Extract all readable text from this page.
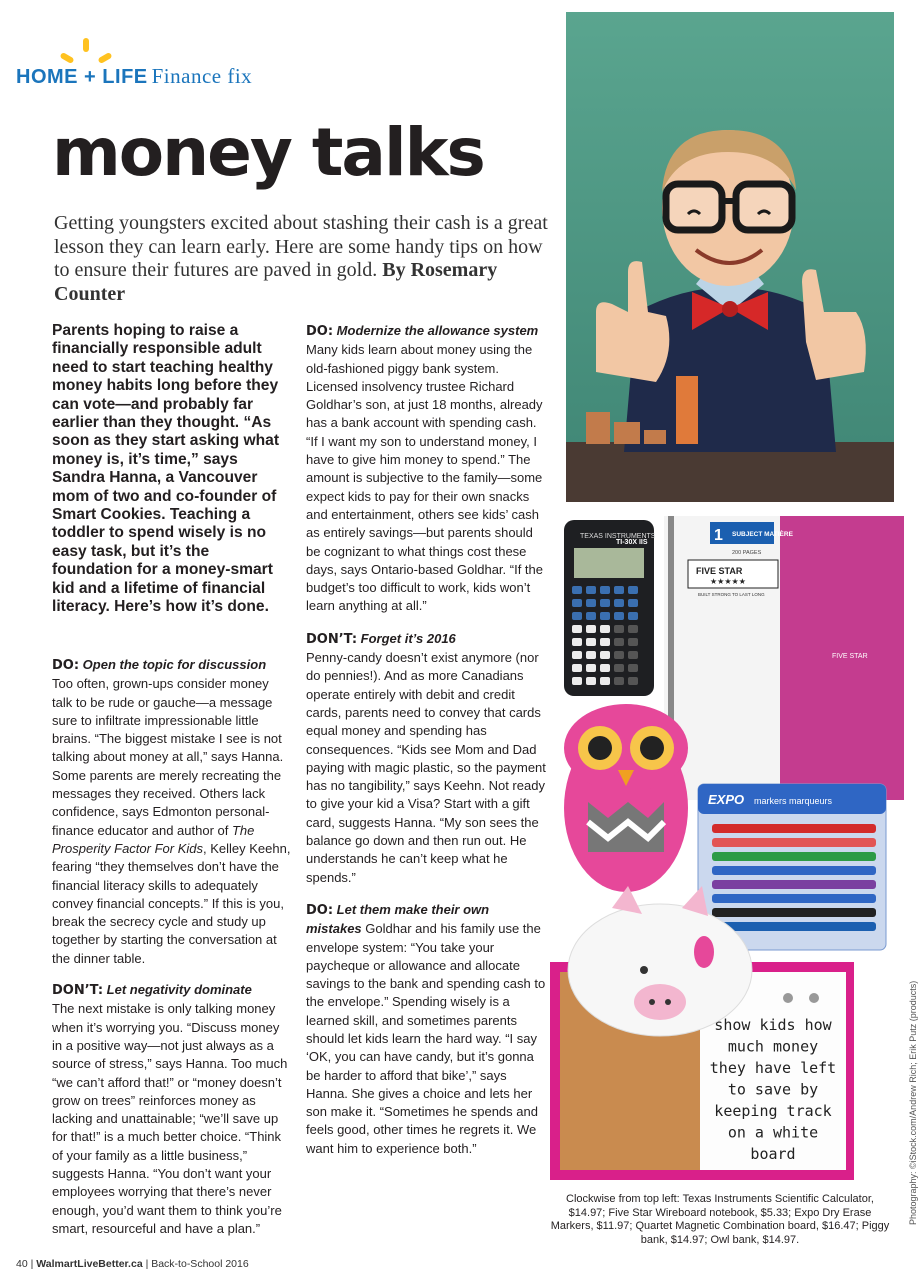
HOME + LIFE Finance fix
money talks
Getting youngsters excited about stashing their cash is a great lesson they can learn early. Here are some handy tips on how to ensure their futures are paved in gold. By Rosemary Counter
Parents hoping to raise a financially responsible adult need to start teaching healthy money habits long before they can vote—and probably far earlier than they thought. “As soon as they start asking what money is, it’s time,” says Sandra Hanna, a Vancouver mom of two and co-founder of Smart Cookies. Teaching a toddler to spend wisely is no easy task, but it’s the foundation for a money-smart kid and a lifetime of financial literacy. Here’s how it’s done.

DO: Open the topic for discussion
Too often, grown-ups consider money talk to be rude or gauche—a message sure to infiltrate impressionable little brains. “The biggest mistake I see is not talking about money at all,” says Hanna. Some parents are merely recreating the messages they received. Others lack confidence, says Edmonton personal-finance educator and author of The Prosperity Factor For Kids, Kelley Keehn, fearing “they themselves don’t have the financial literacy skills to adequately convey financial concepts.” If this is you, break the secrecy cycle and study up together by starting the conversation at the dinner table.

DON’T: Let negativity dominate
The next mistake is only talking money when it’s worrying you. “Discuss money in a positive way—not just always as a source of stress,” says Hanna. Too much “we can’t afford that!” or “money doesn’t grow on trees” reinforces money as lacking and unattainable; “we’ll save up for that!” is a much better choice. “Think of your family as a little business,” suggests Hanna. “You don’t want your employees worrying that there’s never enough, you’d want them to think you’re smart, resourceful and have a plan.”

DO: Modernize the allowance system Many kids learn about money using the old-fashioned piggy bank system. Licensed insolvency trustee Richard Goldhar’s son, at just 18 months, already has a bank account with spending cash. “If I want my son to understand money, I have to give him money to spend.” The amount is subjective to the family—some expect kids to pay for their own snacks and entertainment, others see kids’ cash as entirely savings—but parents should be cognizant to what things cost these days, says Ontario-based Goldhar. “If the budget’s too difficult to work, kids won’t learn anything at all.”

DON’T: Forget it’s 2016
Penny-candy doesn’t exist anymore (nor do pennies!). And as more Canadians operate entirely with debit and credit cards, parents need to convey that cards equal money and spending has consequences. “Kids see Mom and Dad paying with magic plastic, so the payment has no tangibility,” says Keehn. Not ready to give your kid a Visa? Start with a gift card, suggests Hanna. “My son sees the balance go down and then run out. He understands he can’t keep what he spends.”

DO: Let them make their own mistakes Goldhar and his family use the envelope system: “You take your paycheque or allowance and allocate savings to the bank and spending cash to the envelope.” Spending wisely is a learned skill, and sometimes parents should let kids learn the hard way. “I say ‘OK, you can have candy, but it’s gonna be harder to afford that bike’,” says Hanna. She gives a choice and lets her son make it. “Sometimes he spends and feels good, other times he regrets it. We want him to experience both.”

TEXAS INSTRUMENTS
TI-30X IIS	1 SUBJECT MATIÈRE
200 PAGES
FIVE STAR
★★★★★
BUILT STRONG TO LAST LONG
FIVE STAR
EXPO markers marqueurs
show kids how much money they have left to save by keeping track on a white board
Clockwise from top left: Texas Instruments Scientific Calculator, $14.97; Five Star Wireboard notebook, $5.33; Expo Dry Erase Markers, $11.97; Quartet Magnetic Combination board, $16.47; Piggy bank, $14.97; Owl bank, $14.97.
Photography: ©iStock.com/Andrew Rich; Erik Putz (products)
40 | WalmartLiveBetter.ca | Back-to-School 2016
